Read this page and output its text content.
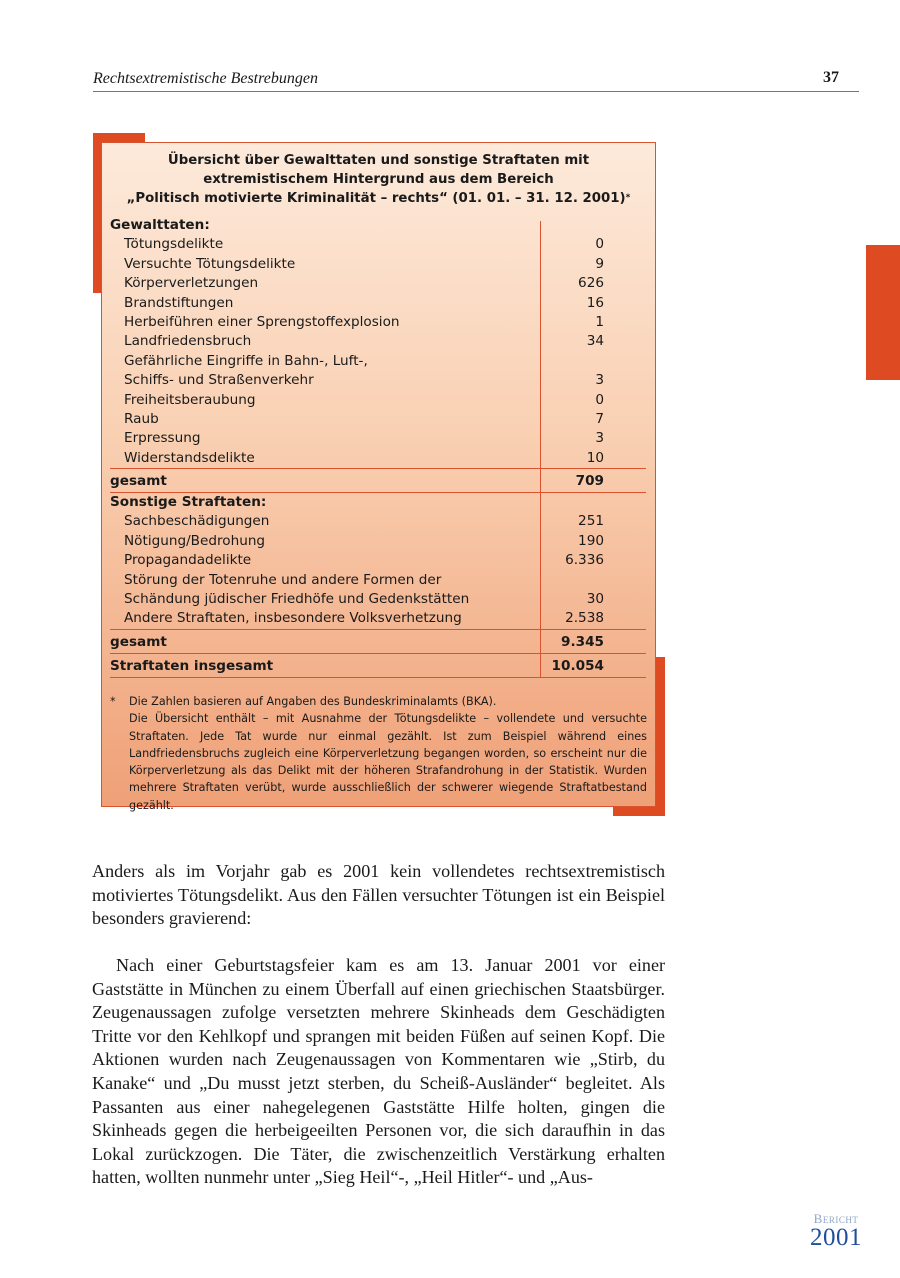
Rechtsextremistische Bestrebungen	37
Übersicht über Gewalttaten und sonstige Straftaten mit
extremistischem Hintergrund aus dem Bereich
„Politisch motivierte Kriminalität – rechts“ (01. 01. – 31. 12. 2001)*
Gewalttaten:
Tötungsdelikte	0
Versuchte Tötungsdelikte	9
Körperverletzungen	626
Brandstiftungen	16
Herbeiführen einer Sprengstoffexplosion	1
Landfriedensbruch	34
Gefährliche Eingriffe in Bahn-, Luft-,
Schiffs- und Straßenverkehr	3
Freiheitsberaubung	0
Raub	7
Erpressung	3
Widerstandsdelikte	10
gesamt	709
Sonstige Straftaten:
Sachbeschädigungen	251
Nötigung/Bedrohung	190
Propagandadelikte	6.336
Störung der Totenruhe und andere Formen der
Schändung jüdischer Friedhöfe und Gedenkstätten	30
Andere Straftaten, insbesondere Volksverhetzung	2.538
gesamt	9.345
Straftaten insgesamt	10.054
*	Die Zahlen basieren auf Angaben des Bundeskriminalamts (BKA).
Die Übersicht enthält – mit Ausnahme der Tötungsdelikte – vollendete und versuchte Straftaten. Jede Tat wurde nur einmal gezählt. Ist zum Beispiel während eines Landfriedensbruchs zugleich eine Körperverletzung begangen worden, so erscheint nur die Körperverletzung als das Delikt mit der höheren Strafandrohung in der Statistik. Wurden mehrere Straftaten verübt, wurde ausschließlich der schwerer wiegende Straftatbestand gezählt.
Anders als im Vorjahr gab es 2001 kein vollendetes rechtsextremistisch motiviertes Tötungsdelikt. Aus den Fällen versuchter Tötungen ist ein Beispiel besonders gravierend:
Nach einer Geburtstagsfeier kam es am 13. Januar 2001 vor einer Gaststätte in München zu einem Überfall auf einen griechischen Staatsbürger. Zeugenaussagen zufolge versetzten mehrere Skinheads dem Geschädigten Tritte vor den Kehlkopf und sprangen mit beiden Füßen auf seinen Kopf. Die Aktionen wurden nach Zeugenaussagen von Kommentaren wie „Stirb, du Kanake“ und „Du musst jetzt sterben, du Scheiß-Ausländer“ begleitet. Als Passanten aus einer nahegelegenen Gaststätte Hilfe holten, gingen die Skinheads gegen die herbeigeeilten Personen vor, die sich daraufhin in das Lokal zurückzogen. Die Täter, die zwischenzeitlich Verstärkung erhalten hatten, wollten nunmehr unter „Sieg Heil“-, „Heil Hitler“- und „Aus-
Bericht
2001
